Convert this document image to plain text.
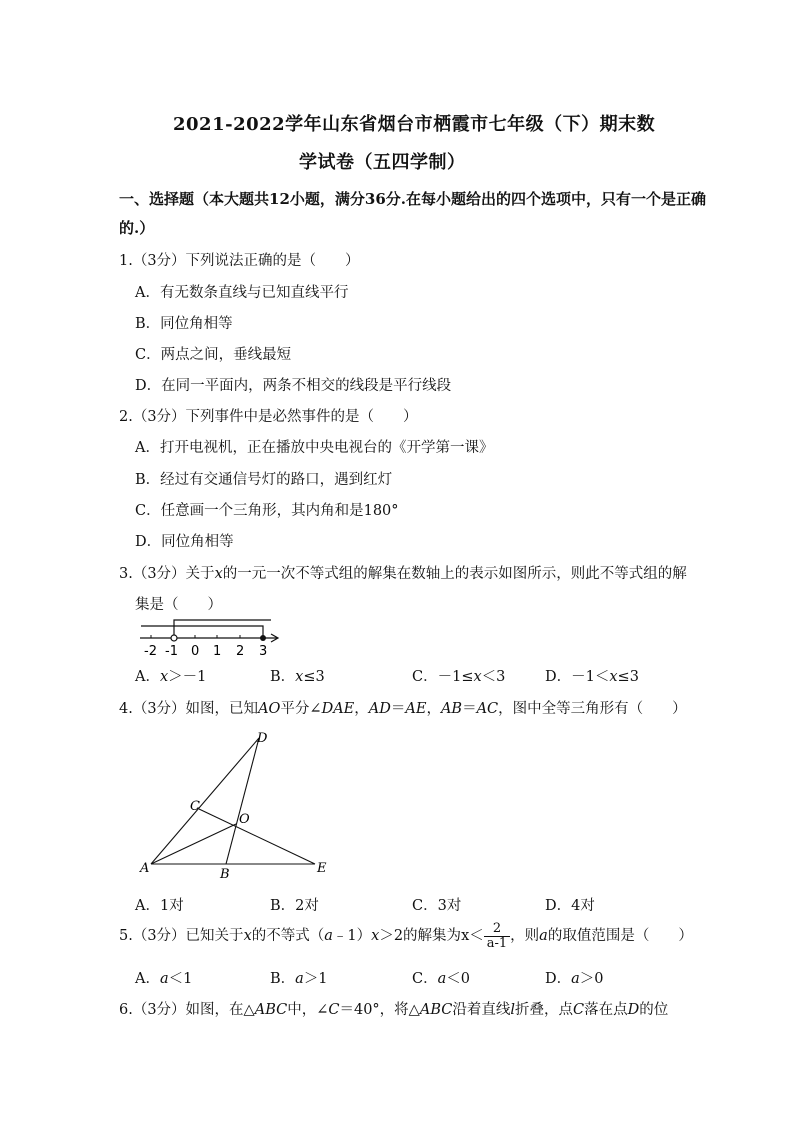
2021-2022学年山东省烟台市栖霞市七年级（下）期末数
学试卷（五四学制）
一、选择题（本大题共12小题，满分36分.在每小题给出的四个选项中，只有一个是正确
的.）
1.（3分）下列说法正确的是（　　）
A．有无数条直线与已知直线平行
B．同位角相等
C．两点之间，垂线最短
D．在同一平面内，两条不相交的线段是平行线段
2.（3分）下列事件中是必然事件的是（　　）
A．打开电视机，正在播放中央电视台的《开学第一课》
B．经过有交通信号灯的路口，遇到红灯
C．任意画一个三角形，其内角和是180°
D．同位角相等
3.（3分）关于x的一元一次不等式组的解集在数轴上的表示如图所示，则此不等式组的解
集是（　　）
-2 -1 0 1 2 3
A．x＞－1	B．x≤3	C．－1≤x＜3	D．－1＜x≤3
4.（3分）如图，已知AO平分∠DAE，AD＝AE，AB＝AC，图中全等三角形有（　　）
D
C
O
A	B	E
A．1对	B．2对	C．3对	D．4对
5.（3分）已知关于x的不等式（a﹣1）x＞2的解集为$x< \frac{2}{a-1}$ ，则a的取值范围是（　　）
A．a＜1	B．a＞1	C．a＜0	D．a＞0
6.（3分）如图，在△ABC中，∠C＝40°，将△ABC沿着直线l折叠，点C落在点D的位
